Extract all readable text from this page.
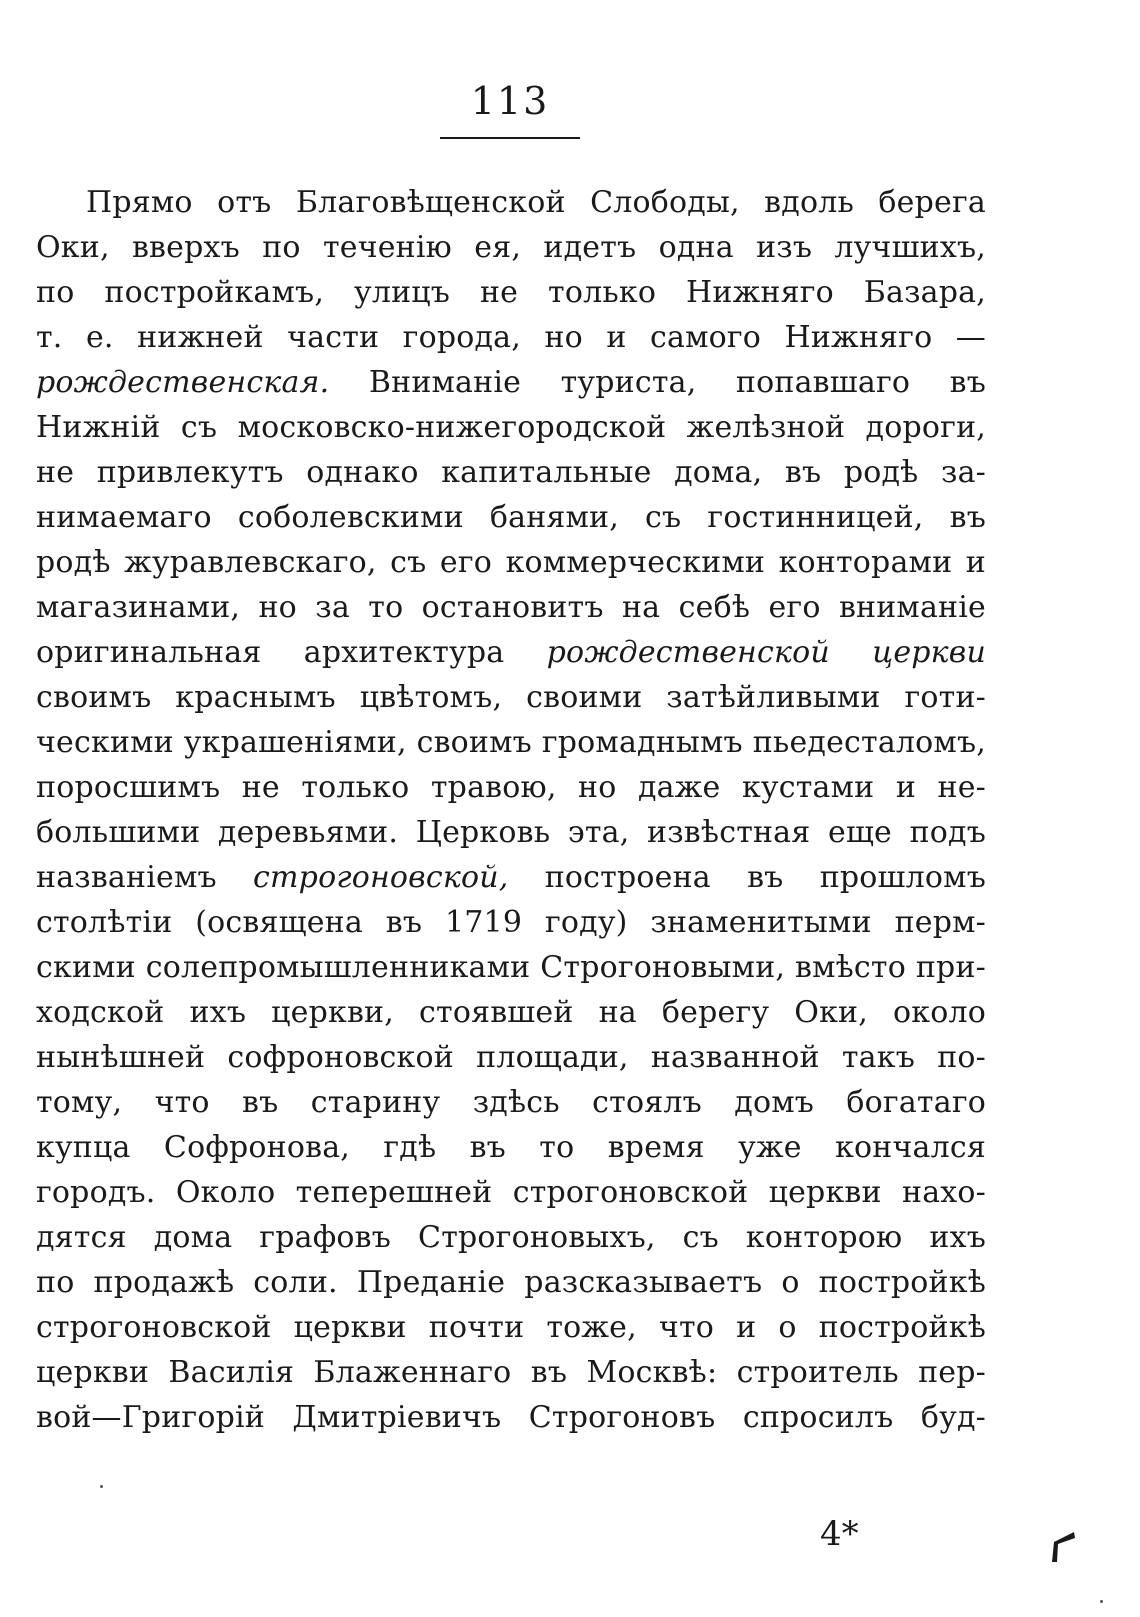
113
Прямо отъ Благовѣщенской Слободы, вдоль берега
Оки, вверхъ по теченію ея, идетъ одна изъ лучшихъ,
по постройкамъ, улицъ не только Нижняго Базара,
т. е. нижней части города, но и самого Нижняго —
рождественская. Вниманіе туриста, попавшаго въ
Нижній съ московско-нижегородской желѣзной дороги,
не привлекутъ однако капитальные дома, въ родѣ за-
нимаемаго соболевскими банями, съ гостинницей, въ
родѣ журавлевскаго, съ его коммерческими конторами и
магазинами, но за то остановитъ на себѣ его вниманіе
оригинальная архитектура рождественской церкви
своимъ краснымъ цвѣтомъ, своими затѣйливыми готи-
ческими украшеніями, своимъ громаднымъ пьедесталомъ,
поросшимъ не только травою, но даже кустами и не-
большими деревьями. Церковь эта, извѣстная еще подъ
названіемъ строгоновской, построена въ прошломъ
столѣтіи (освящена въ 1719 году) знаменитыми перм-
скими солепромышленниками Строгоновыми, вмѣсто при-
ходской ихъ церкви, стоявшей на берегу Оки, около
нынѣшней софроновской площади, названной такъ по-
тому, что въ старину здѣсь стоялъ домъ богатаго
купца Софронова, гдѣ въ то время уже кончался
городъ. Около теперешней строгоновской церкви нахо-
дятся дома графовъ Строгоновыхъ, съ конторою ихъ
по продажѣ соли. Преданіе разсказываетъ о постройкѣ
строгоновской церкви почти тоже, что и о постройкѣ
церкви Василія Блаженнаго въ Москвѣ: строитель пер-
вой—Григорій Дмитріевичъ Строгоновъ спросилъ буд-
4*
